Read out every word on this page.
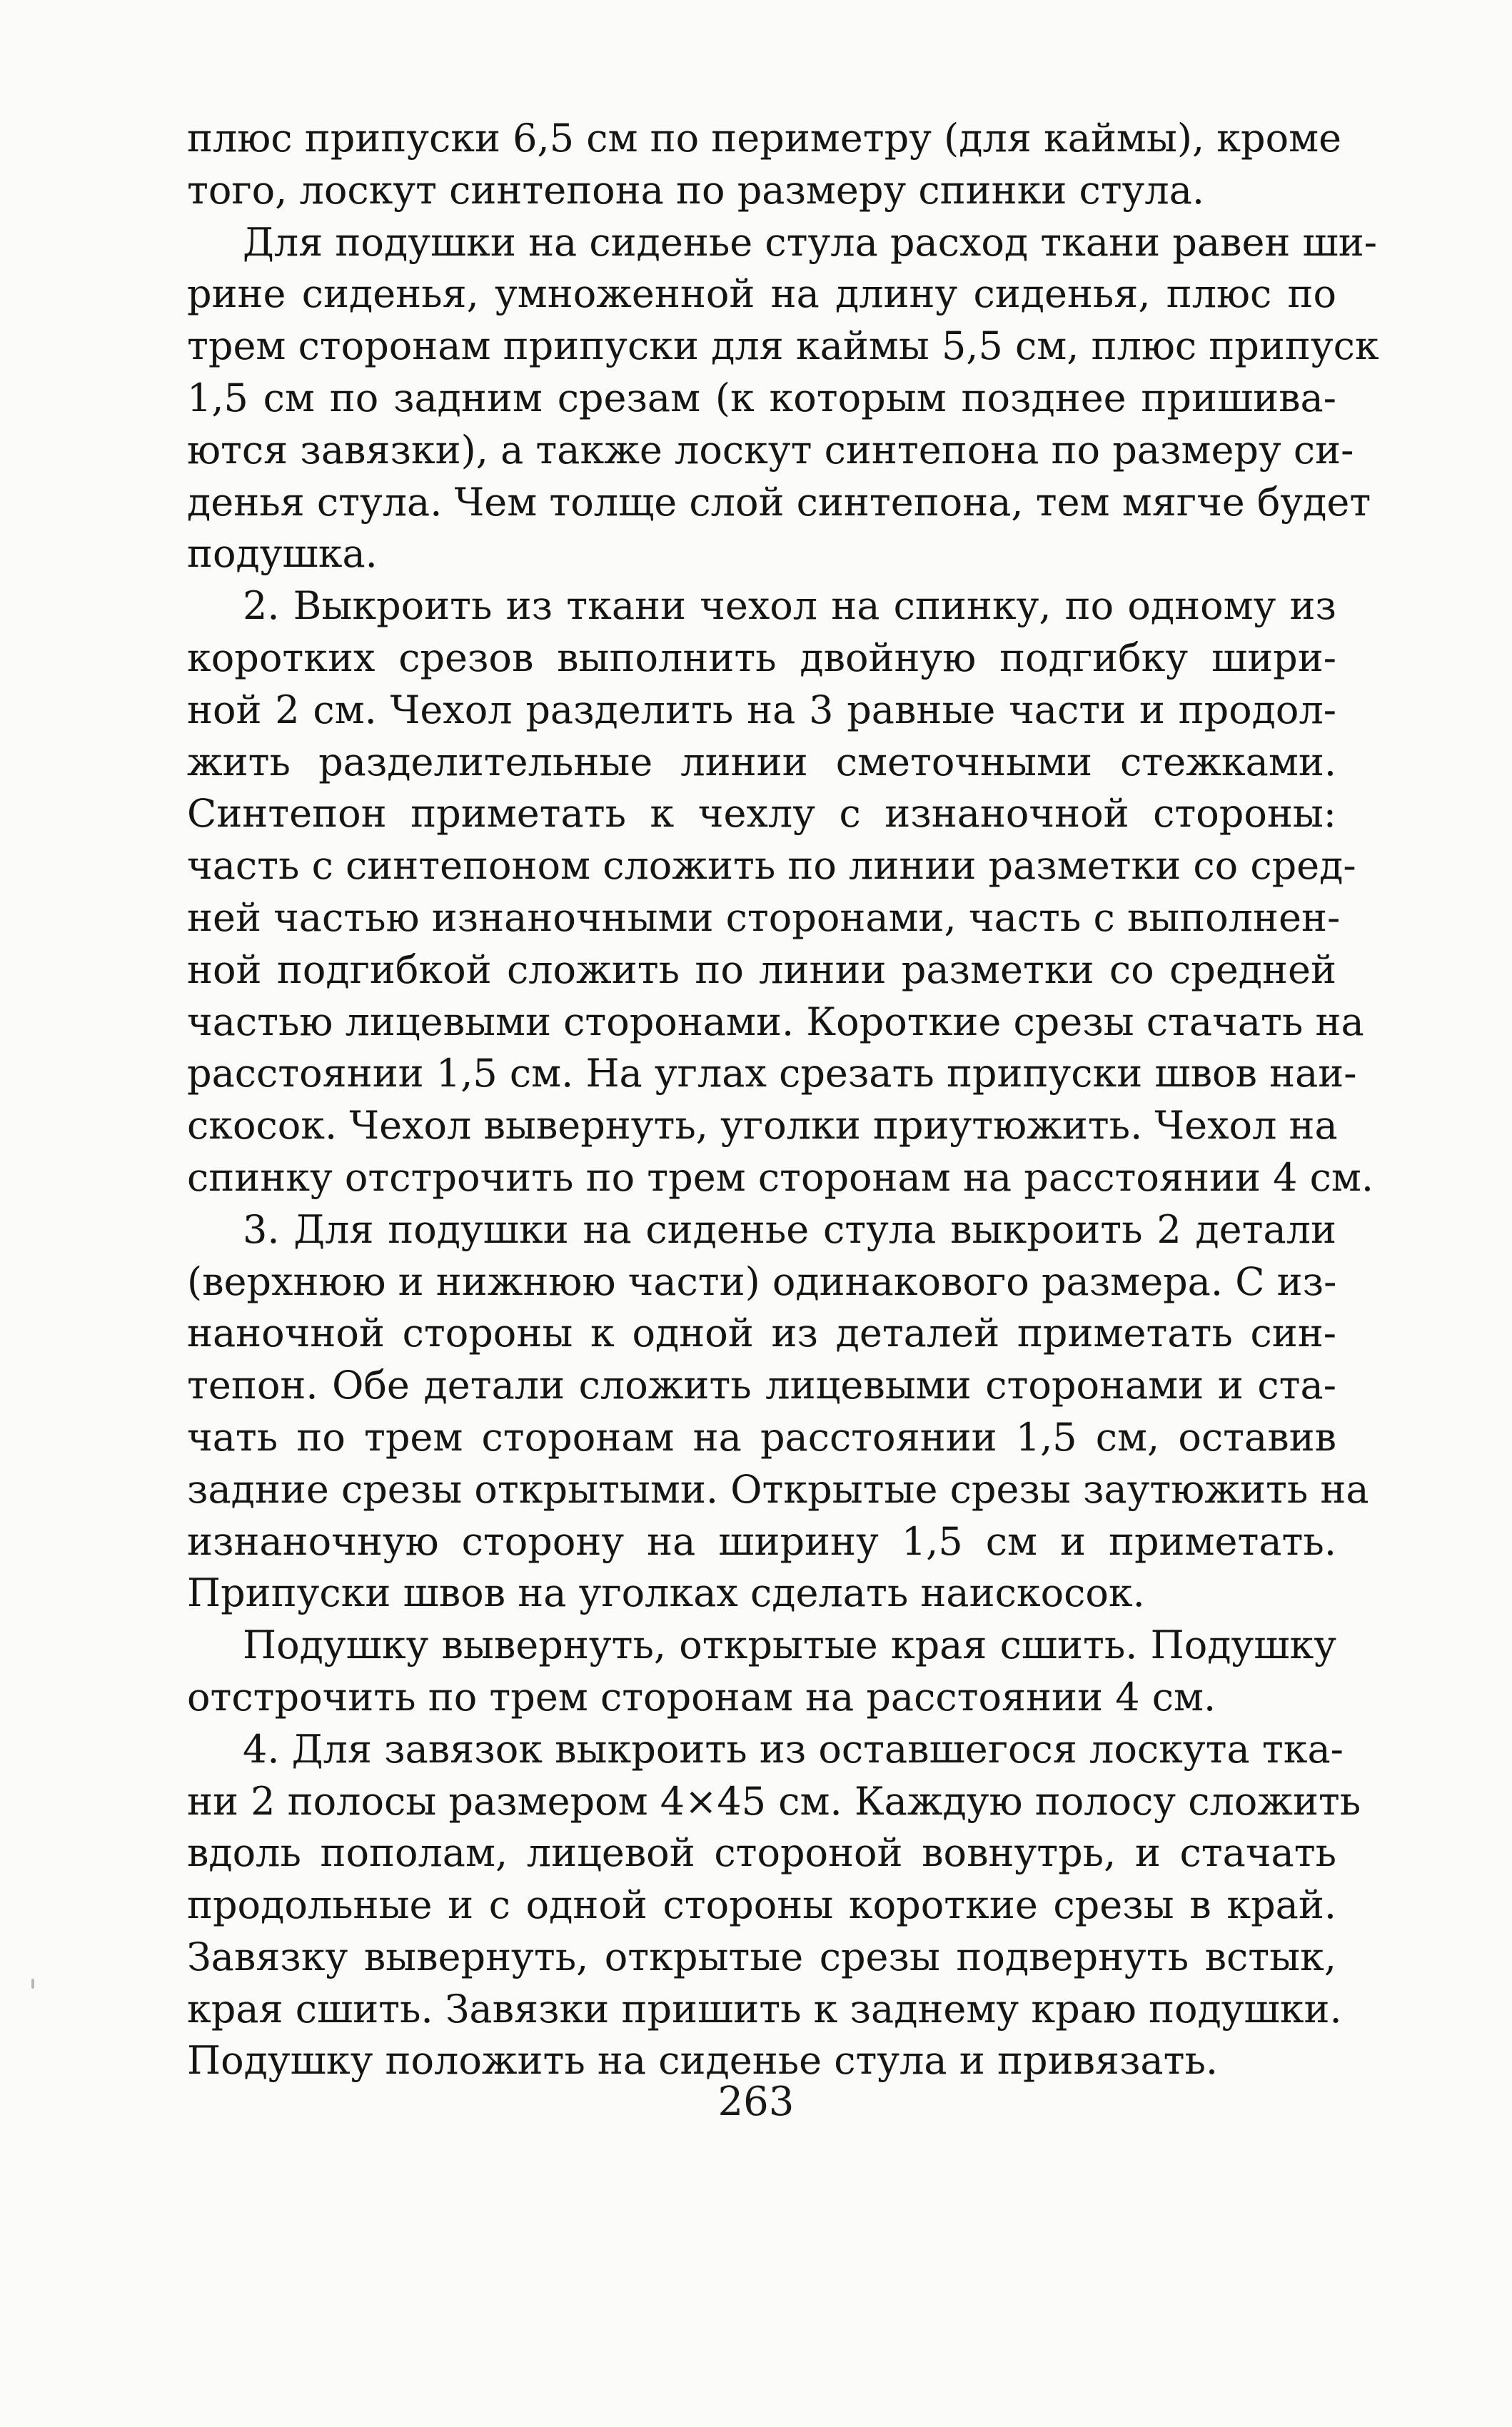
плюс припуски 6,5 см по периметру (для каймы), кроме
того, лоскут синтепона по размеру спинки стула.
Для подушки на сиденье стула расход ткани равен ши-
рине сиденья, умноженной на длину сиденья, плюс по
трем сторонам припуски для каймы 5,5 см, плюс припуск
1,5 см по задним срезам (к которым позднее пришива-
ются завязки), а также лоскут синтепона по размеру си-
денья стула. Чем толще слой синтепона, тем мягче будет
подушка.
2. Выкроить из ткани чехол на спинку, по одному из
коротких срезов выполнить двойную подгибку шири-
ной 2 см. Чехол разделить на 3 равные части и продол-
жить разделительные линии сметочными стежками.
Синтепон приметать к чехлу с изнаночной стороны:
часть с синтепоном сложить по линии разметки со сред-
ней частью изнаночными сторонами, часть с выполнен-
ной подгибкой сложить по линии разметки со средней
частью лицевыми сторонами. Короткие срезы стачать на
расстоянии 1,5 см. На углах срезать припуски швов наи-
скосок. Чехол вывернуть, уголки приутюжить. Чехол на
спинку отстрочить по трем сторонам на расстоянии 4 см.
3. Для подушки на сиденье стула выкроить 2 детали
(верхнюю и нижнюю части) одинакового размера. С из-
наночной стороны к одной из деталей приметать син-
тепон. Обе детали сложить лицевыми сторонами и ста-
чать по трем сторонам на расстоянии 1,5 см, оставив
задние срезы открытыми. Открытые срезы заутюжить на
изнаночную сторону на ширину 1,5 см и приметать.
Припуски швов на уголках сделать наискосок.
Подушку вывернуть, открытые края сшить. Подушку
отстрочить по трем сторонам на расстоянии 4 см.
4. Для завязок выкроить из оставшегося лоскута тка-
ни 2 полосы размером 4×45 см. Каждую полосу сложить
вдоль пополам, лицевой стороной вовнутрь, и стачать
продольные и с одной стороны короткие срезы в край.
Завязку вывернуть, открытые срезы подвернуть встык,
края сшить. Завязки пришить к заднему краю подушки.
Подушку положить на сиденье стула и привязать.
263
